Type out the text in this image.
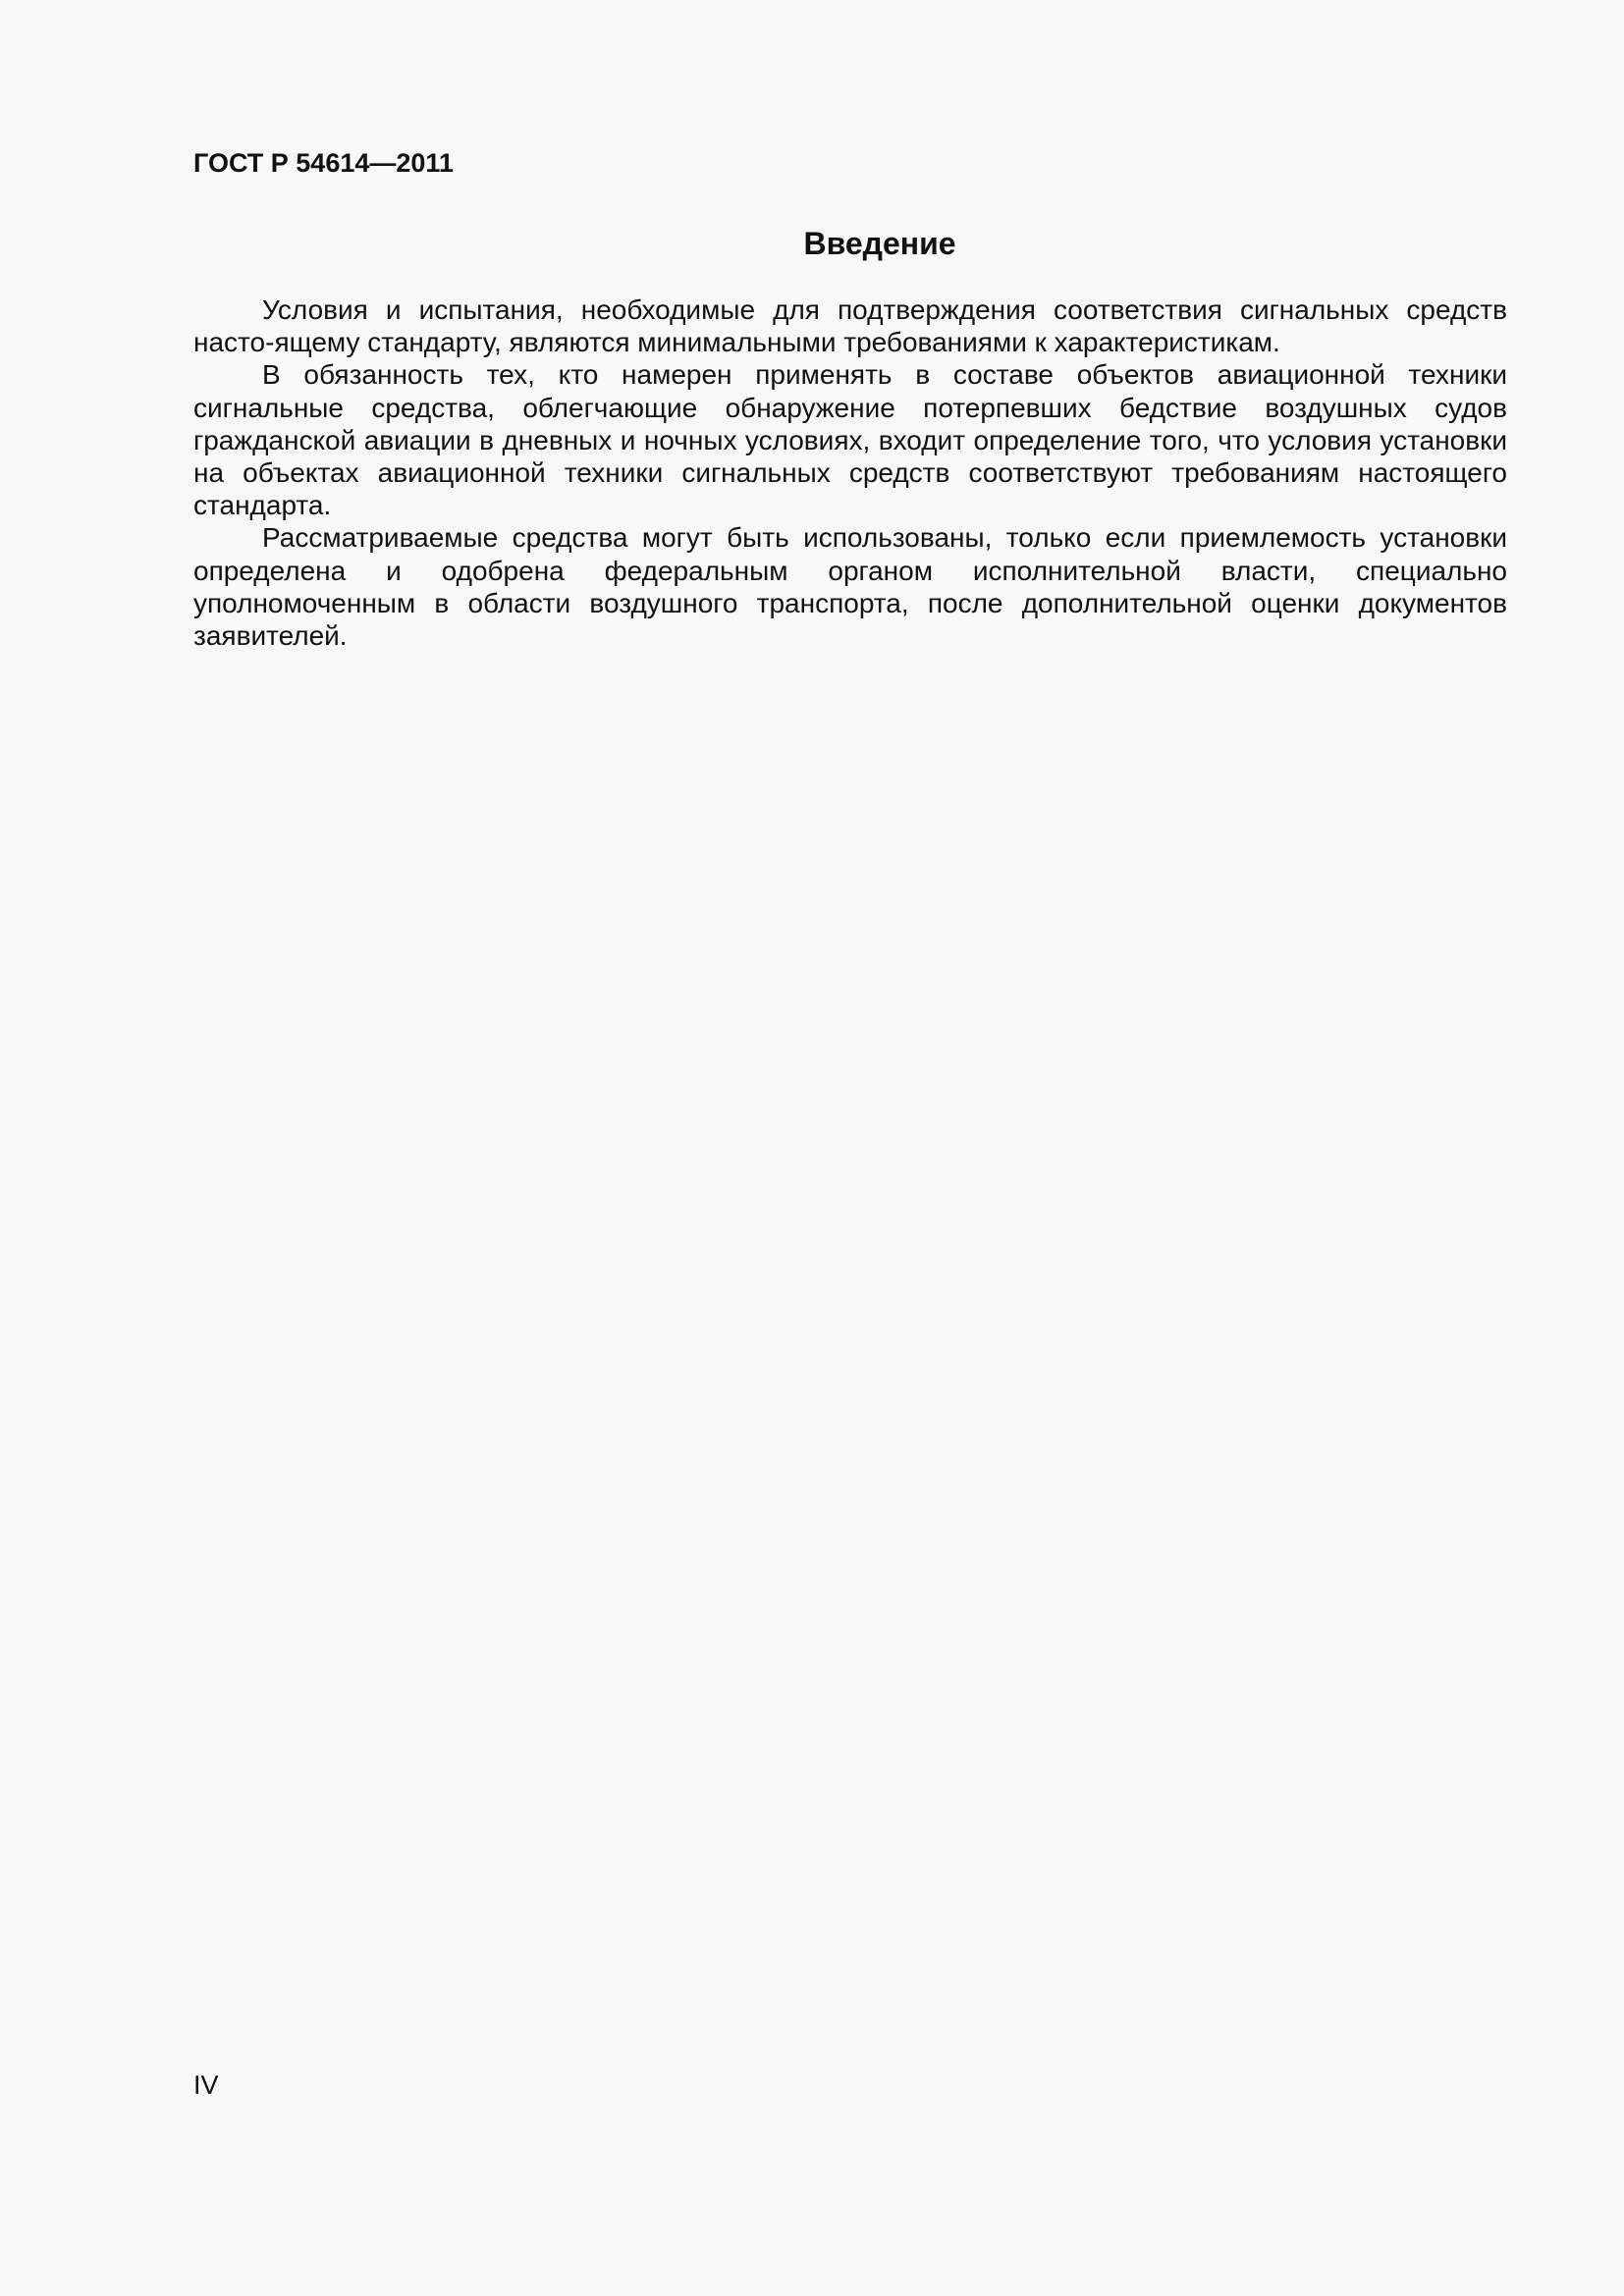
ГОСТ Р 54614—2011
Введение

Условия и испытания, необходимые для подтверждения соответствия сигнальных средств насто-ящему стандарту, являются минимальными требованиями к характеристикам.

В обязанность тех, кто намерен применять в составе объектов авиационной техники сигнальные средства, облегчающие обнаружение потерпевших бедствие воздушных судов гражданской авиации в дневных и ночных условиях, входит определение того, что условия установки на объектах авиационной техники сигнальных средств соответствуют требованиям настоящего стандарта.

Рассматриваемые средства могут быть использованы, только если приемлемость установки определена и одобрена федеральным органом исполнительной власти, специально уполномоченным в области воздушного транспорта, после дополнительной оценки документов заявителей.

IV
